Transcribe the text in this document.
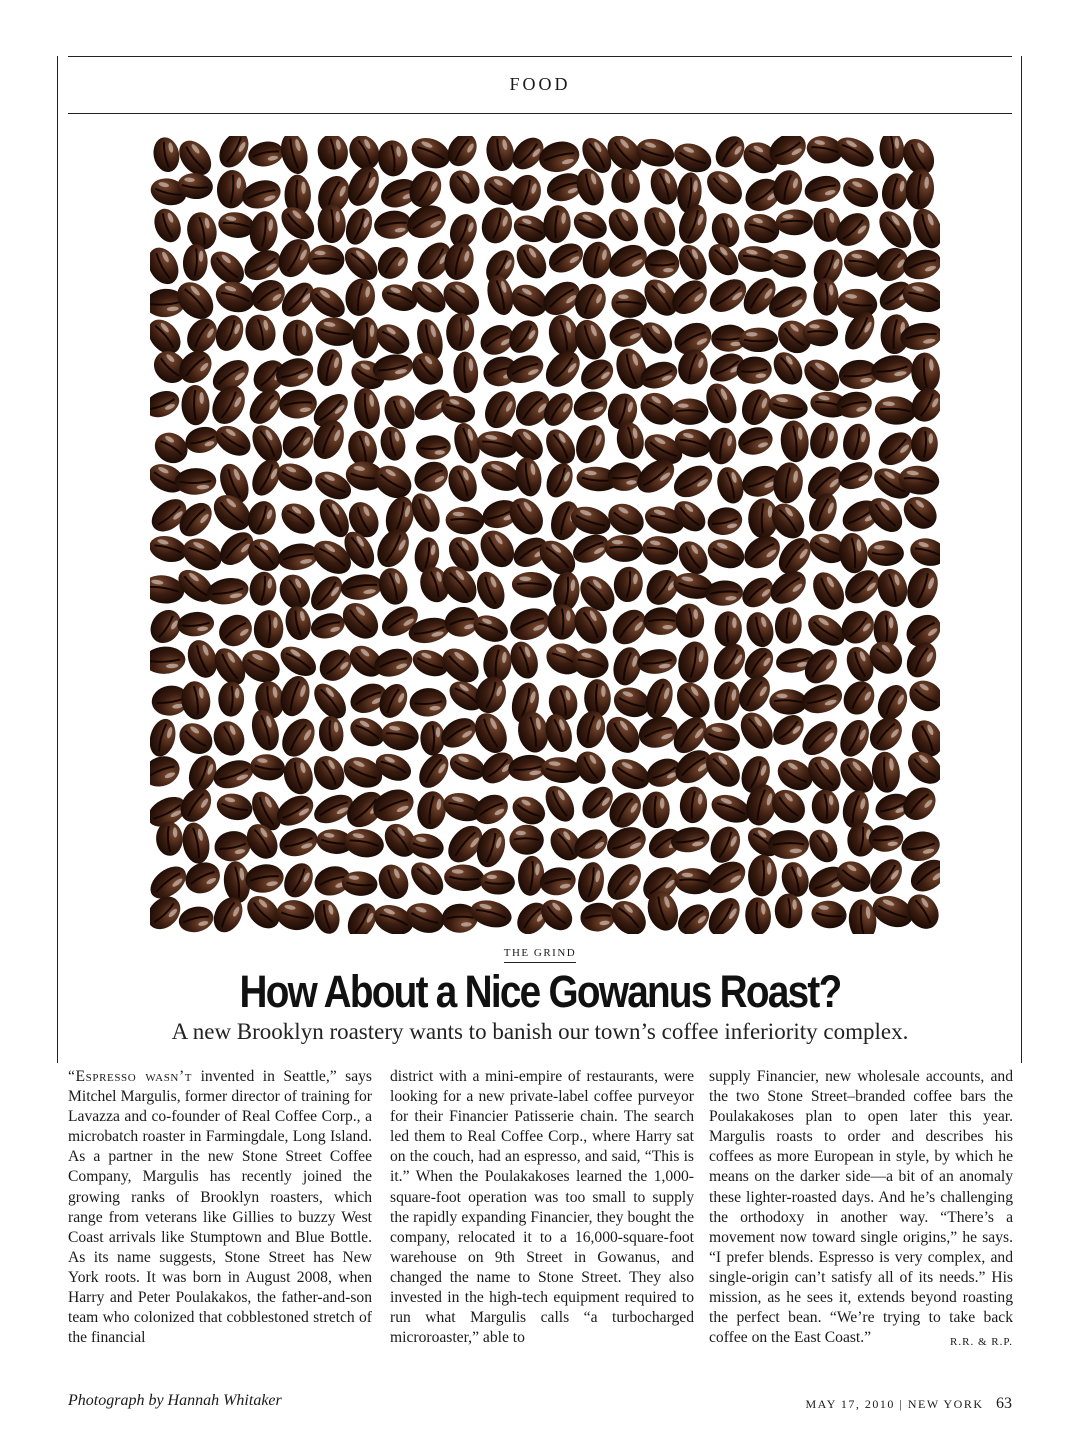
FOOD
THE GRIND
How About a Nice Gowanus Roast?
A new Brooklyn roastery wants to banish our town’s coffee inferiority complex.

“Espresso wasn’t invented in Seattle,” says Mitchel Margulis, former director of training for Lavazza and co-founder of Real Coffee Corp., a microbatch roaster in Farmingdale, Long Island. As a partner in the new Stone Street Coffee Company, Margulis has recently joined the growing ranks of Brooklyn roasters, which range from veterans like Gillies to buzzy West Coast arrivals like Stumptown and Blue Bottle. As its name suggests, Stone Street has New York roots. It was born in August 2008, when Harry and Peter Poulakakos, the father-and-son team who colonized that cobblestoned stretch of the financial

district with a mini-empire of restaurants, were looking for a new private-label coffee purveyor for their Financier Patisserie chain. The search led them to Real Coffee Corp., where Harry sat on the couch, had an espresso, and said, “This is it.” When the Poulakakoses learned the 1,000-square-foot operation was too small to supply the rapidly expanding Financier, they bought the company, relocated it to a 16,000-square-foot warehouse on 9th Street in Gowanus, and changed the name to Stone Street. They also invested in the high-tech equipment required to run what Margulis calls “a turbocharged microroaster,” able to

supply Financier, new wholesale accounts, and the two Stone Street–branded coffee bars the Poulakakoses plan to open later this year. Margulis roasts to order and describes his coffees as more European in style, by which he means on the darker side—a bit of an anomaly these lighter-roasted days. And he’s challenging the orthodoxy in another way. “There’s a movement now toward single origins,” he says. “I prefer blends. Espresso is very complex, and single-origin can’t satisfy all of its needs.” His mission, as he sees it, extends beyond roasting the perfect bean. “We’re trying to take back coffee on the East Coast.”	R.R. & R.P.

Photograph by Hannah Whitaker	MAY 17, 2010 | NEW YORK 63
